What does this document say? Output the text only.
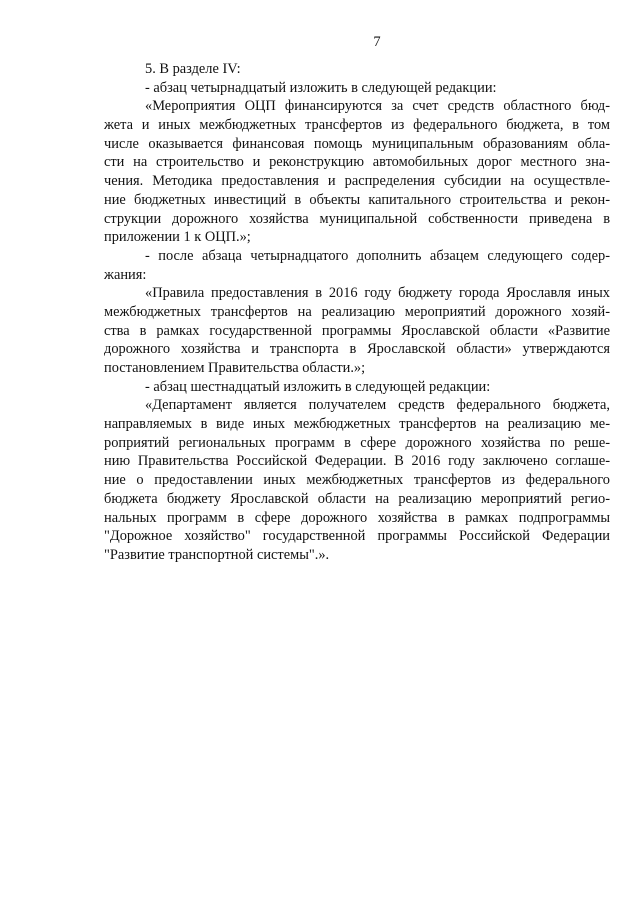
7
5. В разделе IV:
- абзац четырнадцатый изложить в следующей редакции:
«Мероприятия ОЦП финансируются за счет средств областного бюд-
жета и иных межбюджетных трансфертов из федерального бюджета, в том
числе оказывается финансовая помощь муниципальным образованиям обла-
сти на строительство и реконструкцию автомобильных дорог местного зна-
чения. Методика предоставления и распределения субсидии на осуществле-
ние бюджетных инвестиций в объекты капитального строительства и рекон-
струкции дорожного хозяйства муниципальной собственности приведена в
приложении 1 к ОЦП.»;
- после абзаца четырнадцатого дополнить абзацем следующего содер-
жания:
«Правила предоставления в 2016 году бюджету города Ярославля иных
межбюджетных трансфертов на реализацию мероприятий дорожного хозяй-
ства в рамках государственной программы Ярославской области «Развитие
дорожного хозяйства и транспорта в Ярославской области» утверждаются
постановлением Правительства области.»;
- абзац шестнадцатый изложить в следующей редакции:
«Департамент является получателем средств федерального бюджета,
направляемых в виде иных межбюджетных трансфертов на реализацию ме-
роприятий региональных программ в сфере дорожного хозяйства по реше-
нию Правительства Российской Федерации. В 2016 году заключено соглаше-
ние о предоставлении иных межбюджетных трансфертов из федерального
бюджета бюджету Ярославской области на реализацию мероприятий регио-
нальных программ в сфере дорожного хозяйства в рамках подпрограммы
"Дорожное хозяйство" государственной программы Российской Федерации
"Развитие транспортной системы".».
